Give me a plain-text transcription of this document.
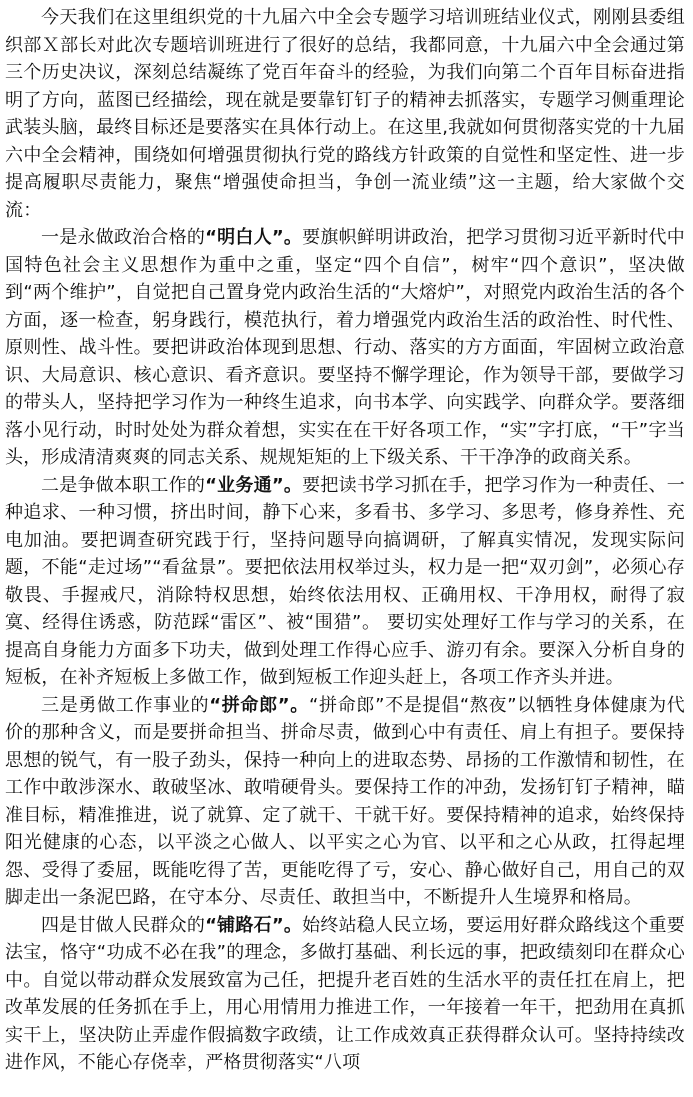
今天我们在这里组织党的十九届六中全会专题学习培训班结业仪式，刚刚县委组织部Ｘ部长对此次专题培训班进行了很好的总结，我都同意，十九届六中全会通过第三个历史决议，深刻总结凝练了党百年奋斗的经验，为我们向第二个百年目标奋进指明了方向，蓝图已经描绘，现在就是要靠钉钉子的精神去抓落实，专题学习侧重理论武装头脑，最终目标还是要落实在具体行动上。在这里,我就如何贯彻落实党的十九届六中全会精神，围绕如何增强贯彻执行党的路线方针政策的自觉性和坚定性、进一步提高履职尽责能力，聚焦“增强使命担当，争创一流业绩”这一主题，给大家做个交流：

一是永做政治合格的“明白人”。要旗帜鲜明讲政治，把学习贯彻习近平新时代中国特色社会主义思想作为重中之重，坚定“四个自信”，树牢“四个意识”，坚决做到“两个维护”，自觉把自己置身党内政治生活的“大熔炉”，对照党内政治生活的各个方面，逐一检查，躬身践行，模范执行，着力增强党内政治生活的政治性、时代性、原则性、战斗性。要把讲政治体现到思想、行动、落实的方方面面，牢固树立政治意识、大局意识、核心意识、看齐意识。要坚持不懈学理论，作为领导干部，要做学习的带头人，坚持把学习作为一种终生追求，向书本学、向实践学、向群众学。要落细落小见行动，时时处处为群众着想，实实在在干好各项工作，“实”字打底，“干”字当头，形成清清爽爽的同志关系、规规矩矩的上下级关系、干干净净的政商关系。

二是争做本职工作的“业务通”。要把读书学习抓在手，把学习作为一种责任、一种追求、一种习惯，挤出时间，静下心来，多看书、多学习、多思考，修身养性、充电加油。要把调查研究践于行，坚持问题导向搞调研，了解真实情况，发现实际问题，不能“走过场”“看盆景”。要把依法用权举过头，权力是一把“双刃剑”，必须心存敬畏、手握戒尺，消除特权思想，始终依法用权、正确用权、干净用权，耐得了寂寞、经得住诱惑，防范踩“雷区”、被“围猎”。 要切实处理好工作与学习的关系，在提高自身能力方面多下功夫，做到处理工作得心应手、游刃有余。要深入分析自身的短板，在补齐短板上多做工作，做到短板工作迎头赶上，各项工作齐头并进。

三是勇做工作事业的“拼命郎”。“拼命郎”不是提倡“熬夜”以牺牲身体健康为代价的那种含义，而是要拼命担当、拼命尽责，做到心中有责任、肩上有担子。要保持思想的锐气，有一股子劲头，保持一种向上的进取态势、昂扬的工作激情和韧性，在工作中敢涉深水、敢破坚冰、敢啃硬骨头。要保持工作的冲劲，发扬钉钉子精神，瞄准目标，精准推进，说了就算、定了就干、干就干好。要保持精神的追求，始终保持阳光健康的心态，以平淡之心做人、以平实之心为官、以平和之心从政，扛得起埋怨、受得了委屈，既能吃得了苦，更能吃得了亏，安心、静心做好自己，用自己的双脚走出一条泥巴路，在守本分、尽责任、敢担当中，不断提升人生境界和格局。

四是甘做人民群众的“铺路石”。始终站稳人民立场，要运用好群众路线这个重要法宝，恪守“功成不必在我”的理念，多做打基础、利长远的事，把政绩刻印在群众心中。自觉以带动群众发展致富为己任，把提升老百姓的生活水平的责任扛在肩上，把改革发展的任务抓在手上，用心用情用力推进工作，一年接着一年干，把劲用在真抓实干上，坚决防止弄虚作假搞数字政绩，让工作成效真正获得群众认可。坚持持续改进作风，不能心存侥幸，严格贯彻落实“八项
